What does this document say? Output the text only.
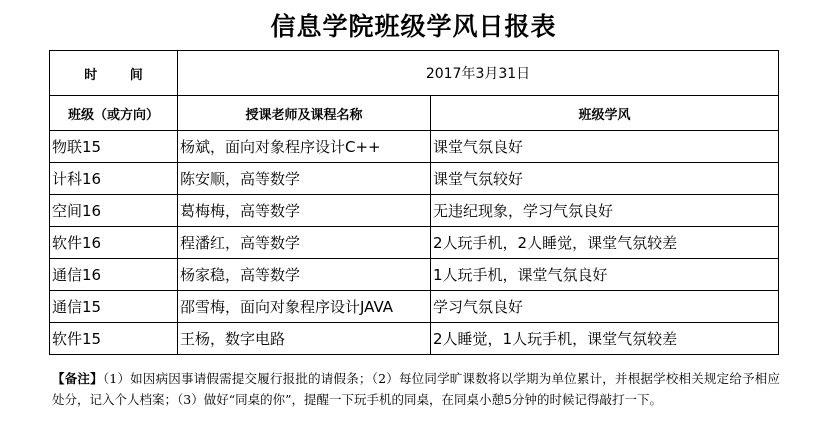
信息学院班级学风日报表
时 间	2017年3月31日	
班级（或方向）	授课老师及课程名称	班级学风
物联15	杨斌，面向对象程序设计C++	课堂气氛良好
计科16	陈安顺，高等数学	课堂气氛较好
空间16	葛梅梅，高等数学	无违纪现象，学习气氛良好
软件16	程潘红，高等数学	2人玩手机，2人睡觉，课堂气氛较差
通信16	杨家稳，高等数学	1人玩手机，课堂气氛良好
通信15	邵雪梅，面向对象程序设计JAVA	学习气氛良好
软件15	王杨，数字电路	2人睡觉，1人玩手机，课堂气氛较差
【备注】（1）如因病因事请假需提交履行报批的请假条；（2）每位同学旷课数将以学期为单位累计，并根据学校相关规定给予相应处分，记入个人档案；（3）做好“同桌的你”，提醒一下玩手机的同桌，在同桌小憩5分钟的时候记得敲打一下。
